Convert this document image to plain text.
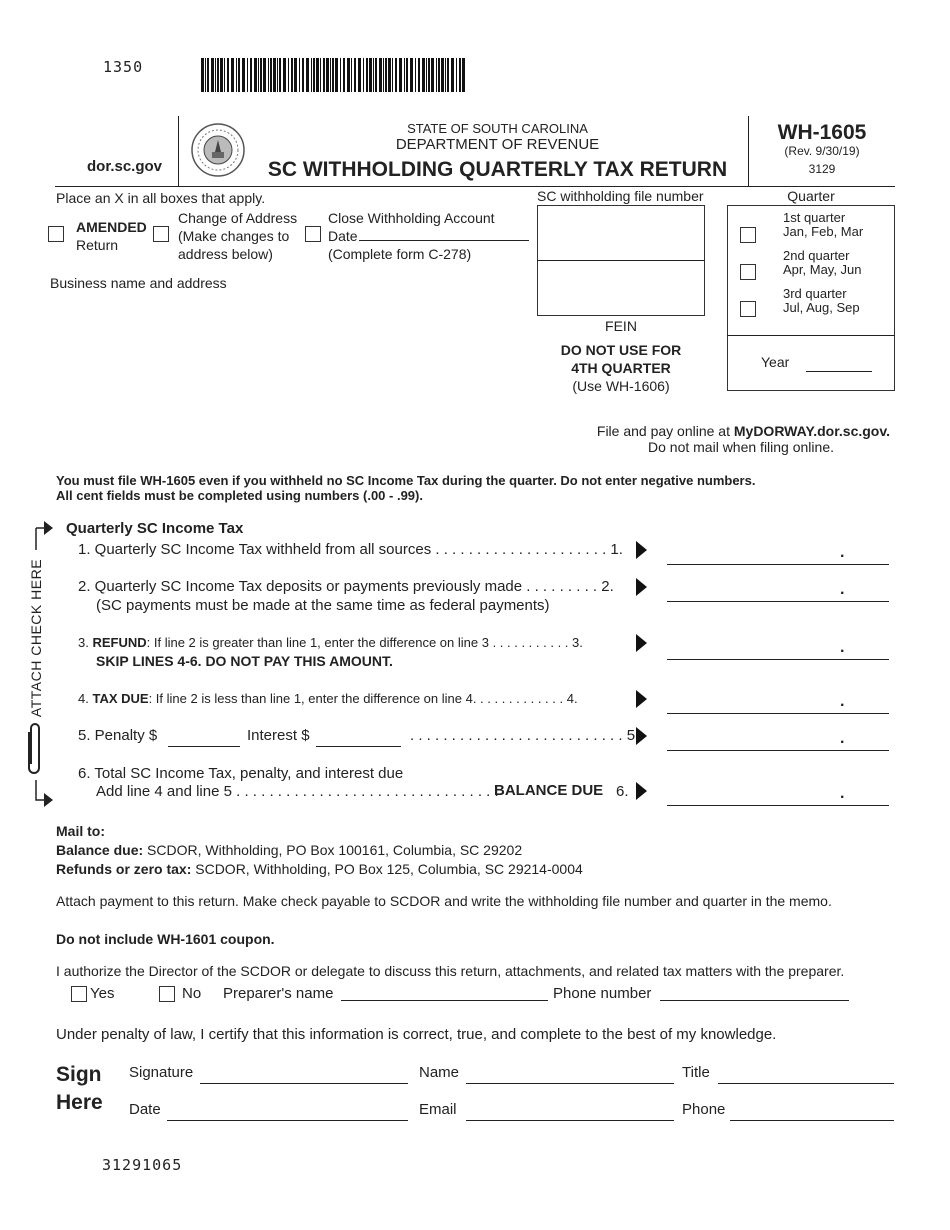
1350
dor.sc.gov
STATE OF SOUTH CAROLINA
DEPARTMENT OF REVENUE
SC WITHHOLDING QUARTERLY TAX RETURN
WH-1605
(Rev. 9/30/19)
3129
Place an X in all boxes that apply.
AMENDED
Return
Change of Address
(Make changes to
address below)
Close Withholding Account
Date
(Complete form C-278)
Business name and address
SC withholding file number
FEIN
DO NOT USE FOR
4TH QUARTER
(Use WH-1606)
Quarter
1st quarter
Jan, Feb, Mar
2nd quarter
Apr, May, Jun
3rd quarter
Jul, Aug, Sep
Year
File and pay online at MyDORWAY.dor.sc.gov.
Do not mail when filing online.
You must file WH-1605 even if you withheld no SC Income Tax during the quarter. Do not enter negative numbers.
All cent fields must be completed using numbers (.00 - .99).
ATTACH CHECK HERE
Quarterly SC Income Tax
1. Quarterly SC Income Tax withheld from all sources . . . . . . . . . . . . . . . . . . . . . 1.	.
2. Quarterly SC Income Tax deposits or payments previously made . . . . . . . . . 2.
(SC payments must be made at the same time as federal payments)
.
3. REFUND: If line 2 is greater than line 1, enter the difference on line 3 . . . . . . . . . . . 3.
SKIP LINES 4-6. DO NOT PAY THIS AMOUNT.
.
4. TAX DUE: If line 2 is less than line 1, enter the difference on line 4. . . . . . . . . . . . . 4.	.
5. Penalty $	Interest $	. . . . . . . . . . . . . . . . . . . . . . . . . . 5.	.
6. Total SC Income Tax, penalty, and interest due
Add line 4 and line 5 . . . . . . . . . . . . . . . . . . . . . . . . . . . . . . . .
BALANCE DUE 6.	.
Mail to:
Balance due: SCDOR, Withholding, PO Box 100161, Columbia, SC 29202
Refunds or zero tax: SCDOR, Withholding, PO Box 125, Columbia, SC 29214-0004
Attach payment to this return. Make check payable to SCDOR and write the withholding file number and quarter in the memo.
Do not include WH-1601 coupon.
I authorize the Director of the SCDOR or delegate to discuss this return, attachments, and related tax matters with the preparer.
Yes	No Preparer's name	Phone number
Under penalty of law, I certify that this information is correct, true, and complete to the best of my knowledge.
Sign
Here
Signature	Name	Title
Date	Email	Phone
31291065
